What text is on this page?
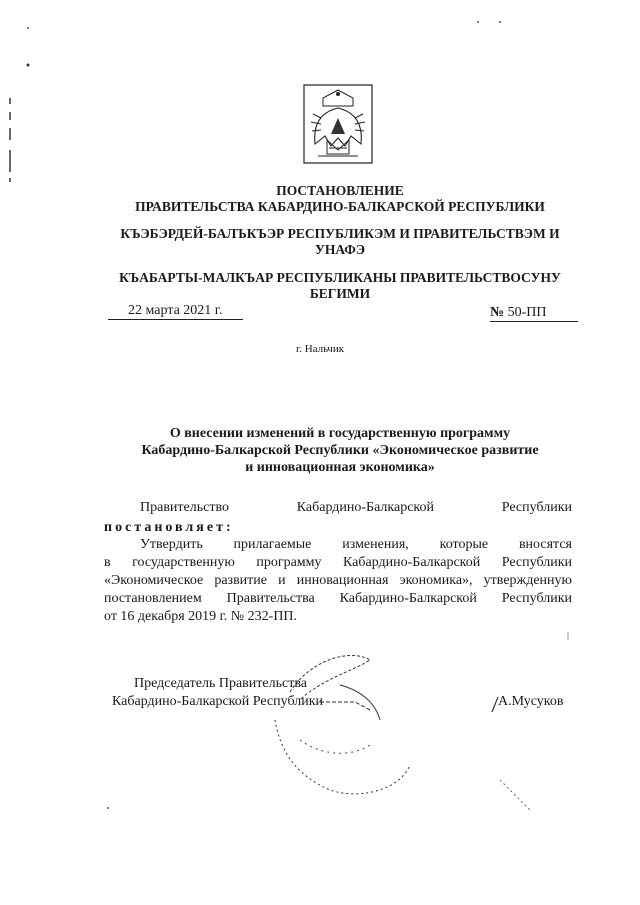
ПОСТАНОВЛЕНИЕ
ПРАВИТЕЛЬСТВА КАБАРДИНО-БАЛКАРСКОЙ РЕСПУБЛИКИ
КЪЭБЭРДЕЙ-БАЛЪКЪЭР РЕСПУБЛИКЭМ И ПРАВИТЕЛЬСТВЭМ И
УНАФЭ
КЪАБАРТЫ-МАЛКЪАР РЕСПУБЛИКАНЫ ПРАВИТЕЛЬСТВОСУНУ
БЕГИМИ
22 марта 2021 г.	№ 50-ПП
г. Нальчик
О внесении изменений в государственную программу
Кабардино-Балкарской Республики «Экономическое развитие
и инновационная экономика»
Правительство	Кабардино-Балкарской	Республики
постановляет:
Утвердить     прилагаемые     изменения,     которые     вносятся
в  государственную  программу  Кабардино-Балкарской  Республики
«Экономическое развитие и инновационная экономика», утвержденную
постановлением  Правительства  Кабардино-Балкарской  Республики
от 16 декабря 2019 г. № 232-ПП.
Председатель Правительства
Кабардино-Балкарской Республики	А.Мусуков
